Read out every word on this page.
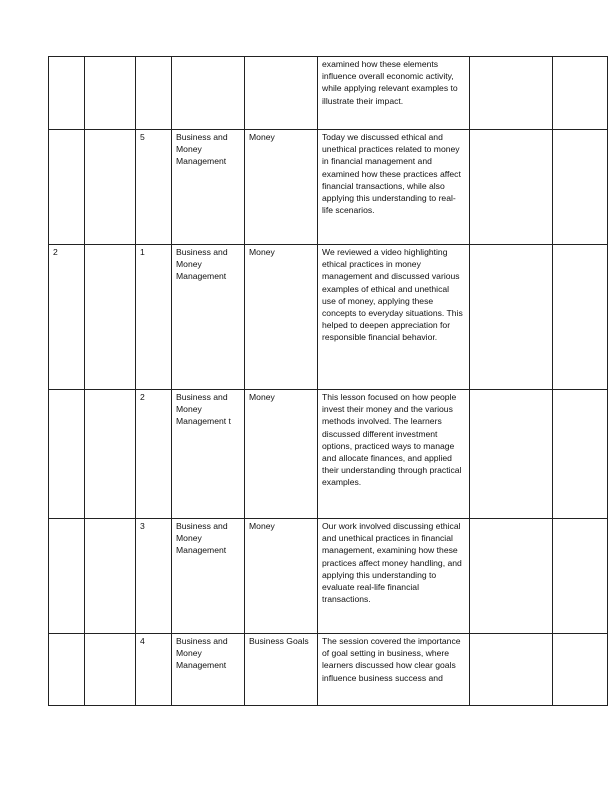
					examined how these elements influence overall economic activity, while applying relevant examples to illustrate their impact.		

		5	Business and Money Management	Money	Today we discussed ethical and unethical practices related to money in financial management and examined how these practices affect financial transactions, while also applying this understanding to real-life scenarios.		

2		1	Business and Money Management	Money	We reviewed a video highlighting ethical practices in money management and discussed various examples of ethical and unethical use of money, applying these concepts to everyday situations. This helped to deepen appreciation for responsible financial behavior.		

		2	Business and Money Management t	Money	This lesson focused on how people invest their money and the various methods involved. The learners discussed different investment options, practiced ways to manage and allocate finances, and applied their understanding through practical examples.		

		3	Business and Money Management	Money	Our work involved discussing ethical and unethical practices in financial management, examining how these practices affect money handling, and applying this understanding to evaluate real-life financial transactions.		

		4	Business and Money Management	Business Goals	The session covered the importance of goal setting in business, where learners discussed how clear goals influence business success and		
